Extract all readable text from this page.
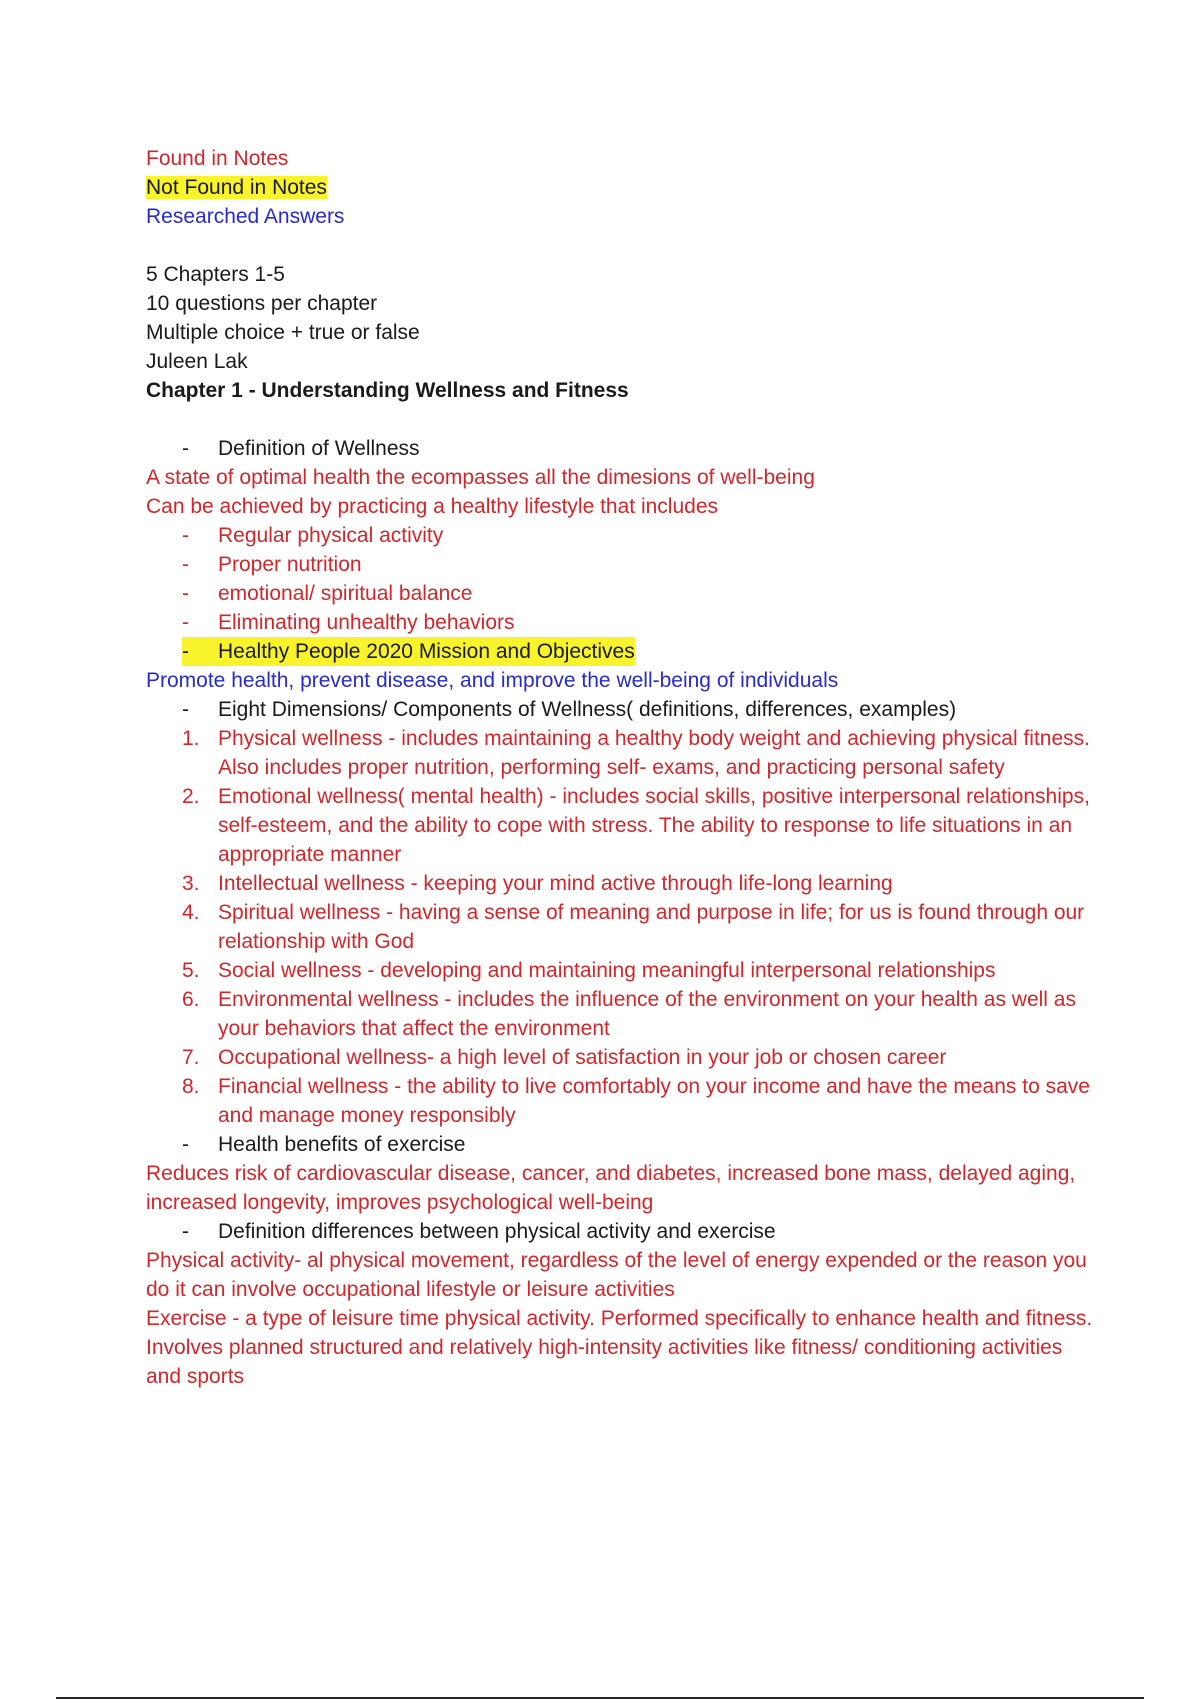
Found in Notes
Not Found in Notes
Researched Answers
5 Chapters 1-5
10 questions per chapter
Multiple choice + true or false
Juleen Lak
Chapter 1 - Understanding Wellness and Fitness
-	Definition of Wellness
A state of optimal health the ecompasses all the dimesions of well-being
Can be achieved by practicing a healthy lifestyle that includes
-	Regular physical activity
-	Proper nutrition
-	emotional/ spiritual balance
-	Eliminating unhealthy behaviors
-	Healthy People 2020 Mission and Objectives
Promote health, prevent disease, and improve the well-being of individuals
-	Eight Dimensions/ Components of Wellness( definitions, differences, examples)
1. Physical wellness - includes maintaining a healthy body weight and achieving physical fitness. Also includes proper nutrition, performing self- exams, and practicing personal safety
2. Emotional wellness( mental health) - includes social skills, positive interpersonal relationships, self-esteem, and the ability to cope with stress. The ability to response to life situations in an appropriate manner
3. Intellectual wellness - keeping your mind active through life-long learning
4. Spiritual wellness - having a sense of meaning and purpose in life; for us is found through our relationship with God
5. Social wellness - developing and maintaining meaningful interpersonal relationships
6. Environmental wellness - includes the influence of the environment on your health as well as your behaviors that affect the environment
7. Occupational wellness- a high level of satisfaction in your job or chosen career
8. Financial wellness - the ability to live comfortably on your income and have the means to save and manage money responsibly
-	Health benefits of exercise
Reduces risk of cardiovascular disease, cancer, and diabetes, increased bone mass, delayed aging, increased longevity, improves psychological well-being
-	Definition differences between physical activity and exercise
Physical activity- al physical movement, regardless of the level of energy expended or the reason you do it can involve occupational lifestyle or leisure activities
Exercise - a type of leisure time physical activity. Performed specifically to enhance health and fitness. Involves planned structured and relatively high-intensity activities like fitness/ conditioning activities and sports
